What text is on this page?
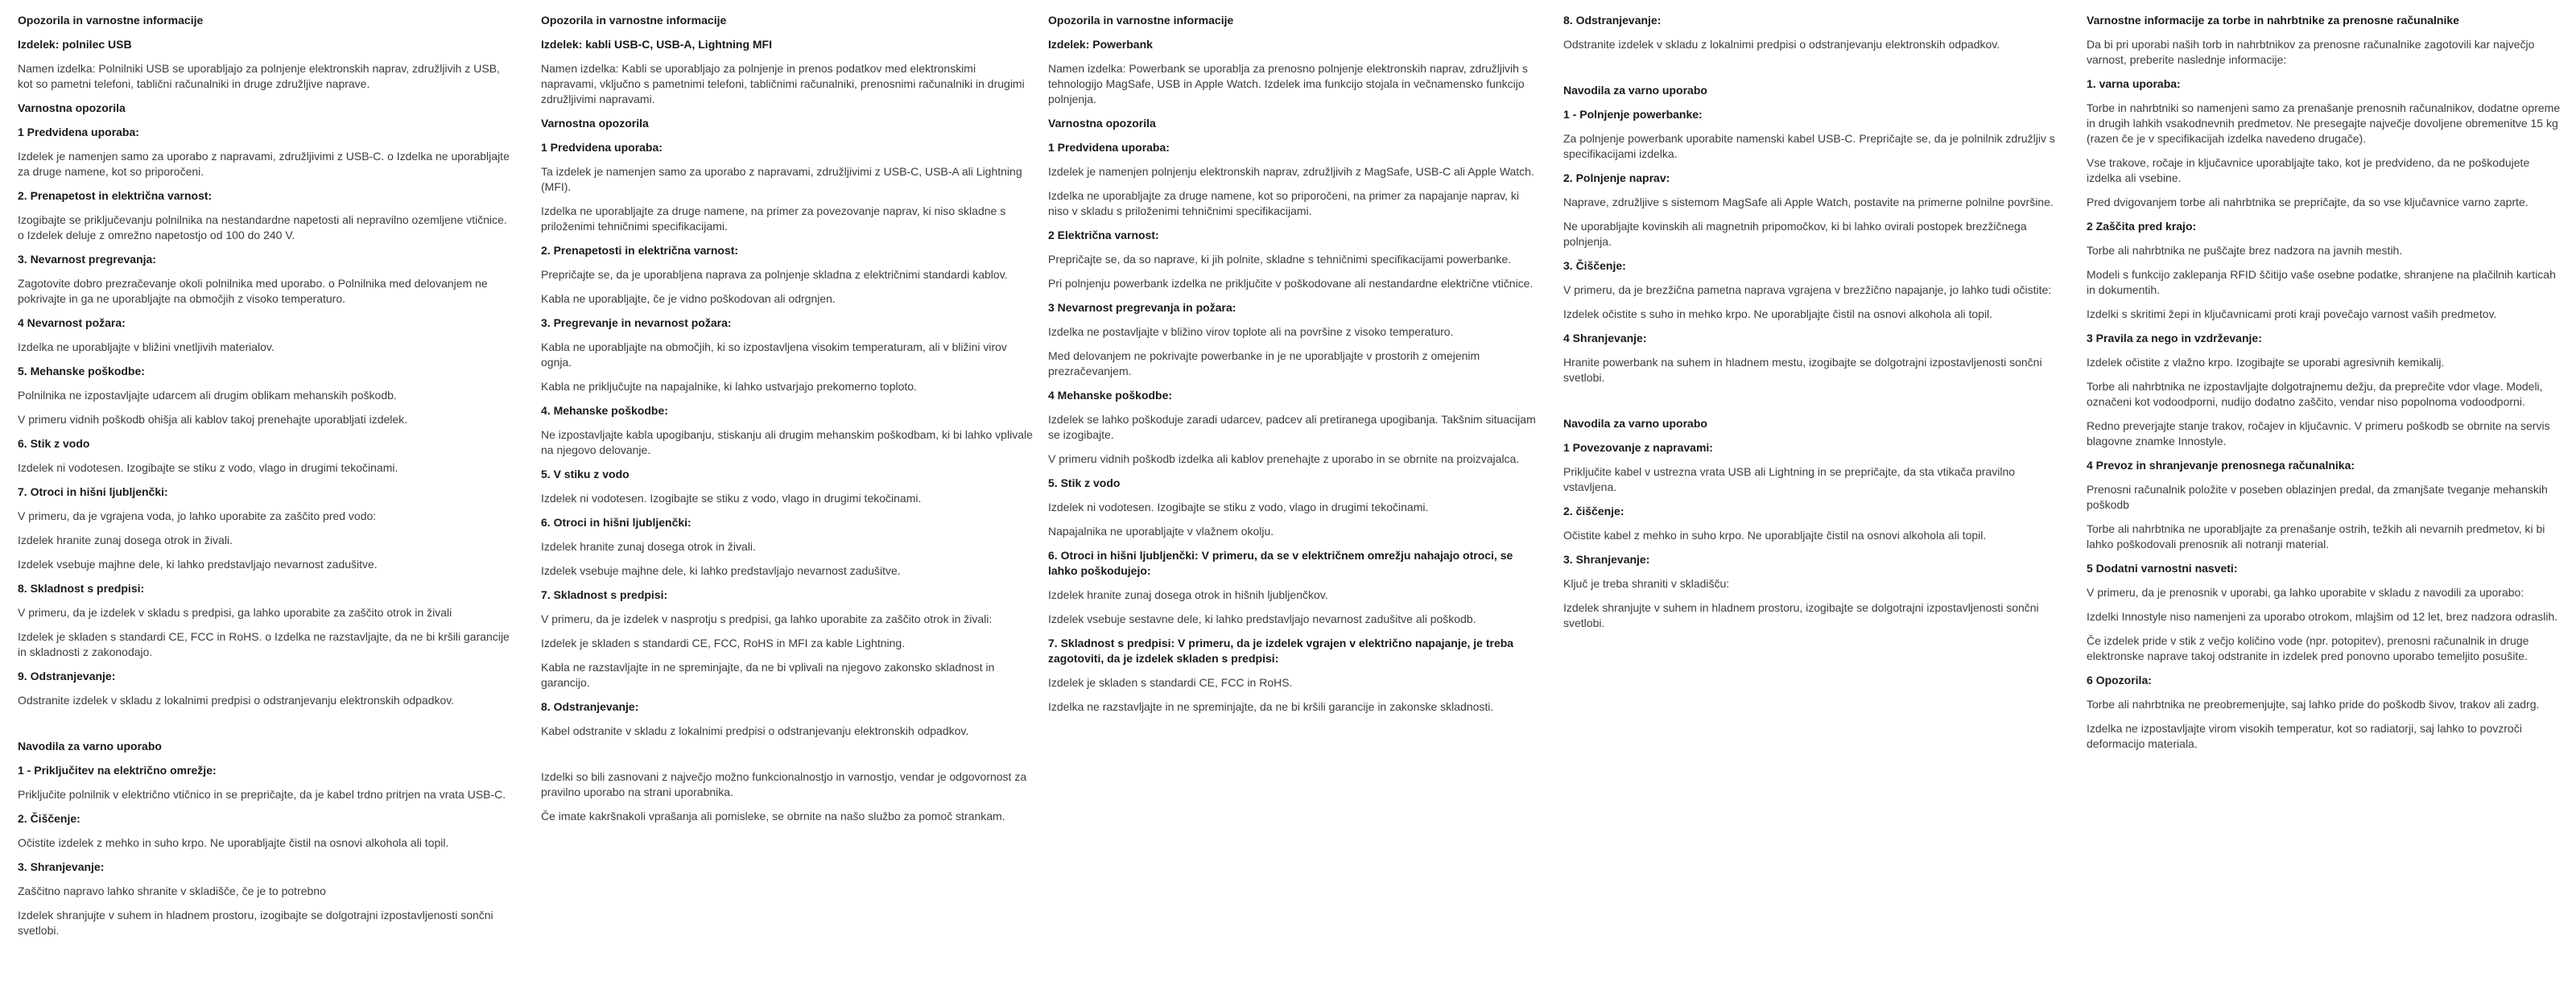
Opozorila in varnostne informacije
Izdelek: polnilec USB
Namen izdelka: Polnilniki USB se uporabljajo za polnjenje elektronskih naprav, združljivih z USB, kot so pametni telefoni, tablični računalniki in druge združljive naprave.
Varnostna opozorila
1 Predvidena uporaba:
Izdelek je namenjen samo za uporabo z napravami, združljivimi z USB-C. o Izdelka ne uporabljajte za druge namene, kot so priporočeni.
2. Prenapetost in električna varnost:
Izogibajte se priključevanju polnilnika na nestandardne napetosti ali nepravilno ozemljene vtičnice. o Izdelek deluje z omrežno napetostjo od 100 do 240 V.
3. Nevarnost pregrevanja:
Zagotovite dobro prezračevanje okoli polnilnika med uporabo. o Polnilnika med delovanjem ne pokrivajte in ga ne uporabljajte na območjih z visoko temperaturo.
4 Nevarnost požara:
Izdelka ne uporabljajte v bližini vnetljivih materialov.
5. Mehanske poškodbe:
Polnilnika ne izpostavljajte udarcem ali drugim oblikam mehanskih poškodb.
V primeru vidnih poškodb ohišja ali kablov takoj prenehajte uporabljati izdelek.
6. Stik z vodo
Izdelek ni vodotesen. Izogibajte se stiku z vodo, vlago in drugimi tekočinami.
7. Otroci in hišni ljubljenčki:
V primeru, da je vgrajena voda, jo lahko uporabite za zaščito pred vodo:
Izdelek hranite zunaj dosega otrok in živali.
Izdelek vsebuje majhne dele, ki lahko predstavljajo nevarnost zadušitve.
8. Skladnost s predpisi:
V primeru, da je izdelek v skladu s predpisi, ga lahko uporabite za zaščito otrok in živali
Izdelek je skladen s standardi CE, FCC in RoHS. o Izdelka ne razstavljajte, da ne bi kršili garancije in skladnosti z zakonodajo.
9. Odstranjevanje:
Odstranite izdelek v skladu z lokalnimi predpisi o odstranjevanju elektronskih odpadkov.
Navodila za varno uporabo
1 - Priključitev na električno omrežje:
Priključite polnilnik v električno vtičnico in se prepričajte, da je kabel trdno pritrjen na vrata USB-C.
2. Čiščenje:
Očistite izdelek z mehko in suho krpo. Ne uporabljajte čistil na osnovi alkohola ali topil.
3. Shranjevanje:
Zaščitno napravo lahko shranite v skladišče, če je to potrebno
Izdelek shranjujte v suhem in hladnem prostoru, izogibajte se dolgotrajni izpostavljenosti sončni svetlobi.
Opozorila in varnostne informacije
Izdelek: kabli USB-C, USB-A, Lightning MFI
Namen izdelka: Kabli se uporabljajo za polnjenje in prenos podatkov med elektronskimi napravami, vključno s pametnimi telefoni, tabličnimi računalniki, prenosnimi računalniki in drugimi združljivimi napravami.
Varnostna opozorila
1 Predvidena uporaba:
Ta izdelek je namenjen samo za uporabo z napravami, združljivimi z USB-C, USB-A ali Lightning (MFI).
Izdelka ne uporabljajte za druge namene, na primer za povezovanje naprav, ki niso skladne s priloženimi tehničnimi specifikacijami.
2. Prenapetosti in električna varnost:
Prepričajte se, da je uporabljena naprava za polnjenje skladna z električnimi standardi kablov.
Kabla ne uporabljajte, če je vidno poškodovan ali odrgnjen.
3. Pregrevanje in nevarnost požara:
Kabla ne uporabljajte na območjih, ki so izpostavljena visokim temperaturam, ali v bližini virov ognja.
Kabla ne priključujte na napajalnike, ki lahko ustvarjajo prekomerno toploto.
4. Mehanske poškodbe:
Ne izpostavljajte kabla upogibanju, stiskanju ali drugim mehanskim poškodbam, ki bi lahko vplivale na njegovo delovanje.
5. V stiku z vodo
Izdelek ni vodotesen. Izogibajte se stiku z vodo, vlago in drugimi tekočinami.
6. Otroci in hišni ljubljenčki:
Izdelek hranite zunaj dosega otrok in živali.
Izdelek vsebuje majhne dele, ki lahko predstavljajo nevarnost zadušitve.
7. Skladnost s predpisi:
V primeru, da je izdelek v nasprotju s predpisi, ga lahko uporabite za zaščito otrok in živali:
Izdelek je skladen s standardi CE, FCC, RoHS in MFI za kable Lightning.
Kabla ne razstavljajte in ne spreminjajte, da ne bi vplivali na njegovo zakonsko skladnost in garancijo.
8. Odstranjevanje:
Kabel odstranite v skladu z lokalnimi predpisi o odstranjevanju elektronskih odpadkov.
Izdelki so bili zasnovani z največjo možno funkcionalnostjo in varnostjo, vendar je odgovornost za pravilno uporabo na strani uporabnika.
Če imate kakršnakoli vprašanja ali pomisleke, se obrnite na našo službo za pomoč strankam.
Opozorila in varnostne informacije
Izdelek: Powerbank
Namen izdelka: Powerbank se uporablja za prenosno polnjenje elektronskih naprav, združljivih s tehnologijo MagSafe, USB in Apple Watch. Izdelek ima funkcijo stojala in večnamensko funkcijo polnjenja.
Varnostna opozorila
1 Predvidena uporaba:
Izdelek je namenjen polnjenju elektronskih naprav, združljivih z MagSafe, USB-C ali Apple Watch.
Izdelka ne uporabljajte za druge namene, kot so priporočeni, na primer za napajanje naprav, ki niso v skladu s priloženimi tehničnimi specifikacijami.
2 Električna varnost:
Prepričajte se, da so naprave, ki jih polnite, skladne s tehničnimi specifikacijami powerbanke.
Pri polnjenju powerbank izdelka ne priključite v poškodovane ali nestandardne električne vtičnice.
3 Nevarnost pregrevanja in požara:
Izdelka ne postavljajte v bližino virov toplote ali na površine z visoko temperaturo.
Med delovanjem ne pokrivajte powerbanke in je ne uporabljajte v prostorih z omejenim prezračevanjem.
4 Mehanske poškodbe:
Izdelek se lahko poškoduje zaradi udarcev, padcev ali pretiranega upogibanja. Takšnim situacijam se izogibajte.
V primeru vidnih poškodb izdelka ali kablov prenehajte z uporabo in se obrnite na proizvajalca.
5. Stik z vodo
Izdelek ni vodotesen. Izogibajte se stiku z vodo, vlago in drugimi tekočinami.
Napajalnika ne uporabljajte v vlažnem okolju.
6. Otroci in hišni ljubljenčki: V primeru, da se v električnem omrežju nahajajo otroci, se lahko poškodujejo:
Izdelek hranite zunaj dosega otrok in hišnih ljubljenčkov.
Izdelek vsebuje sestavne dele, ki lahko predstavljajo nevarnost zadušitve ali poškodb.
7. Skladnost s predpisi: V primeru, da je izdelek vgrajen v električno napajanje, je treba zagotoviti, da je izdelek skladen s predpisi:
Izdelek je skladen s standardi CE, FCC in RoHS.
Izdelka ne razstavljajte in ne spreminjajte, da ne bi kršili garancije in zakonske skladnosti.
8. Odstranjevanje:
Odstranite izdelek v skladu z lokalnimi predpisi o odstranjevanju elektronskih odpadkov.
Navodila za varno uporabo
1 - Polnjenje powerbanke:
Za polnjenje powerbank uporabite namenski kabel USB-C. Prepričajte se, da je polnilnik združljiv s specifikacijami izdelka.
2. Polnjenje naprav:
Naprave, združljive s sistemom MagSafe ali Apple Watch, postavite na primerne polnilne površine.
Ne uporabljajte kovinskih ali magnetnih pripomočkov, ki bi lahko ovirali postopek brezžičnega polnjenja.
3. Čiščenje:
V primeru, da je brezžična pametna naprava vgrajena v brezžično napajanje, jo lahko tudi očistite:
Izdelek očistite s suho in mehko krpo. Ne uporabljajte čistil na osnovi alkohola ali topil.
4 Shranjevanje:
Hranite powerbank na suhem in hladnem mestu, izogibajte se dolgotrajni izpostavljenosti sončni svetlobi.
Navodila za varno uporabo
1 Povezovanje z napravami:
Priključite kabel v ustrezna vrata USB ali Lightning in se prepričajte, da sta vtikača pravilno vstavljena.
2. čiščenje:
Očistite kabel z mehko in suho krpo. Ne uporabljajte čistil na osnovi alkohola ali topil.
3. Shranjevanje:
Ključ je treba shraniti v skladišču:
Izdelek shranjujte v suhem in hladnem prostoru, izogibajte se dolgotrajni izpostavljenosti sončni svetlobi.
Varnostne informacije za torbe in nahrbtnike za prenosne računalnike
Da bi pri uporabi naših torb in nahrbtnikov za prenosne računalnike zagotovili kar največjo varnost, preberite naslednje informacije:
1. varna uporaba:
Torbe in nahrbtniki so namenjeni samo za prenašanje prenosnih računalnikov, dodatne opreme in drugih lahkih vsakodnevnih predmetov. Ne presegajte največje dovoljene obremenitve 15 kg (razen če je v specifikacijah izdelka navedeno drugače).
Vse trakove, ročaje in ključavnice uporabljajte tako, kot je predvideno, da ne poškodujete izdelka ali vsebine.
Pred dvigovanjem torbe ali nahrbtnika se prepričajte, da so vse ključavnice varno zaprte.
2 Zaščita pred krajo:
Torbe ali nahrbtnika ne puščajte brez nadzora na javnih mestih.
Modeli s funkcijo zaklepanja RFID ščitijo vaše osebne podatke, shranjene na plačilnih karticah in dokumentih.
Izdelki s skritimi žepi in ključavnicami proti kraji povečajo varnost vaših predmetov.
3 Pravila za nego in vzdrževanje:
Izdelek očistite z vlažno krpo. Izogibajte se uporabi agresivnih kemikalij.
Torbe ali nahrbtnika ne izpostavljajte dolgotrajnemu dežju, da preprečite vdor vlage. Modeli, označeni kot vodoodporni, nudijo dodatno zaščito, vendar niso popolnoma vodoodporni.
Redno preverjajte stanje trakov, ročajev in ključavnic. V primeru poškodb se obrnite na servis blagovne znamke Innostyle.
4 Prevoz in shranjevanje prenosnega računalnika:
Prenosni računalnik položite v poseben oblazinjen predal, da zmanjšate tveganje mehanskih poškodb
Torbe ali nahrbtnika ne uporabljajte za prenašanje ostrih, težkih ali nevarnih predmetov, ki bi lahko poškodovali prenosnik ali notranji material.
5 Dodatni varnostni nasveti:
V primeru, da je prenosnik v uporabi, ga lahko uporabite v skladu z navodili za uporabo:
Izdelki Innostyle niso namenjeni za uporabo otrokom, mlajšim od 12 let, brez nadzora odraslih.
Če izdelek pride v stik z večjo količino vode (npr. potopitev), prenosni računalnik in druge elektronske naprave takoj odstranite in izdelek pred ponovno uporabo temeljito posušite.
6 Opozorila:
Torbe ali nahrbtnika ne preobremenjujte, saj lahko pride do poškodb šivov, trakov ali zadrg.
Izdelka ne izpostavljajte virom visokih temperatur, kot so radiatorji, saj lahko to povzroči deformacijo materiala.
